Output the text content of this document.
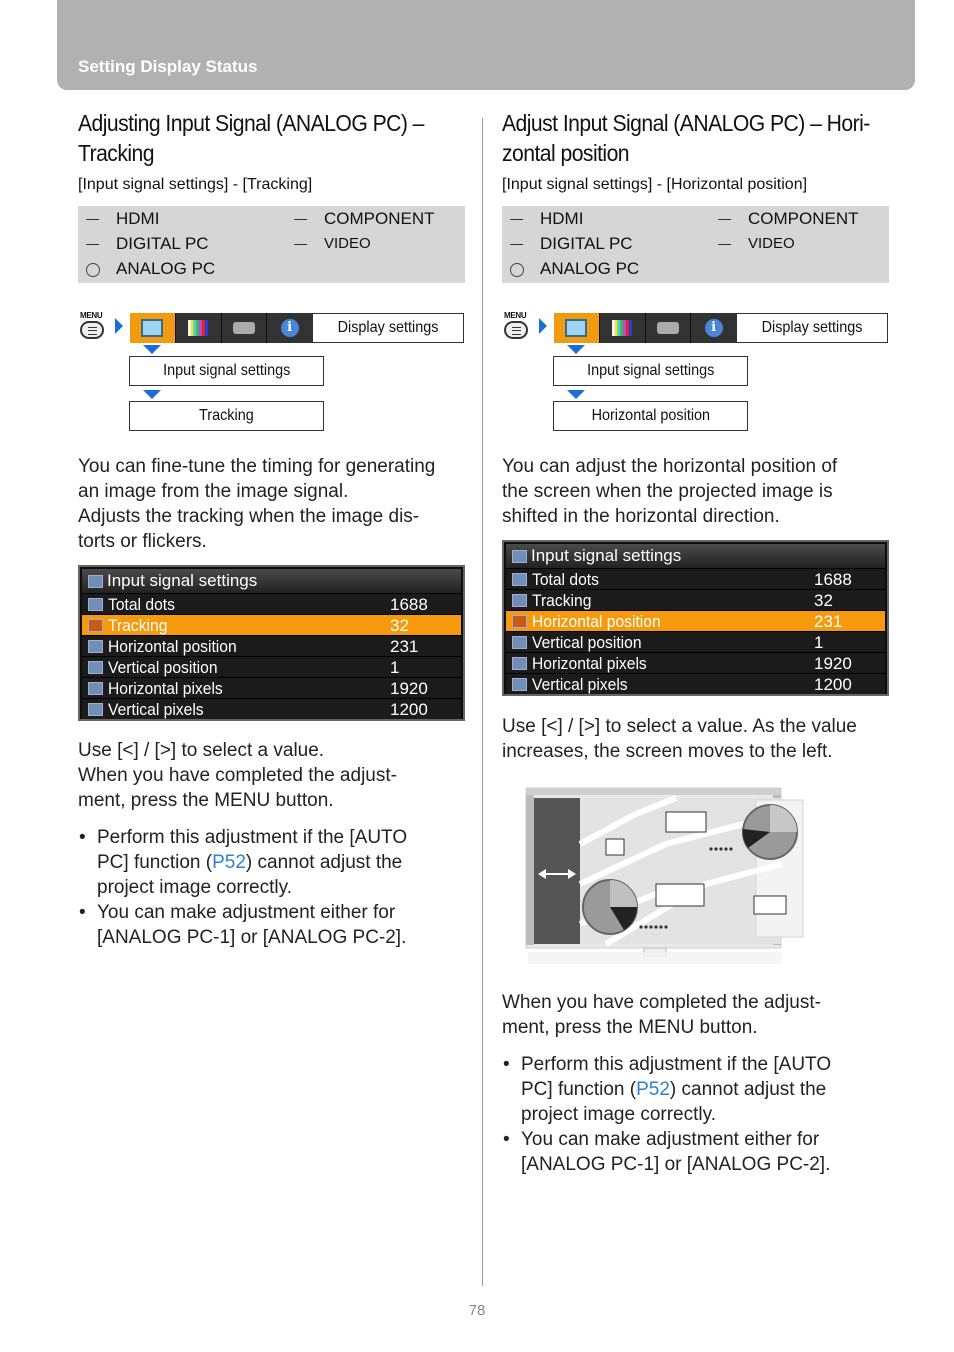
Setting Display Status
Adjusting Input Signal (ANALOG PC) –
Tracking
[Input signal settings] - [Tracking]
HDMI
DIGITAL PC
ANALOG PC
COMPONENT
VIDEO
MENU
i	Display settings
Input signal settings
Tracking
You can fine-tune the timing for generating
an image from the image signal.
Adjusts the tracking when the image dis-
torts or flickers.
Input signal settings
Total dots	1688
Tracking	32
Horizontal position	231
Vertical position	1
Horizontal pixels	1920
Vertical pixels	1200
Use [<] / [>] to select a value.
When you have completed the adjust-
ment, press the MENU button.
• Perform this adjustment if the [AUTO
PC] function (P52) cannot adjust the
project image correctly.
• You can make adjustment either for
[ANALOG PC-1] or [ANALOG PC-2].
Adjust Input Signal (ANALOG PC) – Hori-
zontal position
[Input signal settings] - [Horizontal position]
HDMI
DIGITAL PC
ANALOG PC
COMPONENT
VIDEO
MENU
i	Display settings
Input signal settings
Horizontal position
You can adjust the horizontal position of
the screen when the projected image is
shifted in the horizontal direction.
Input signal settings
Total dots	1688
Tracking	32
Horizontal position	231
Vertical position	1
Horizontal pixels	1920
Vertical pixels	1200
Use [<] / [>] to select a value. As the value
increases, the screen moves to the left.
When you have completed the adjust-
ment, press the MENU button.
• Perform this adjustment if the [AUTO
PC] function (P52) cannot adjust the
project image correctly.
• You can make adjustment either for
[ANALOG PC-1] or [ANALOG PC-2].
78
